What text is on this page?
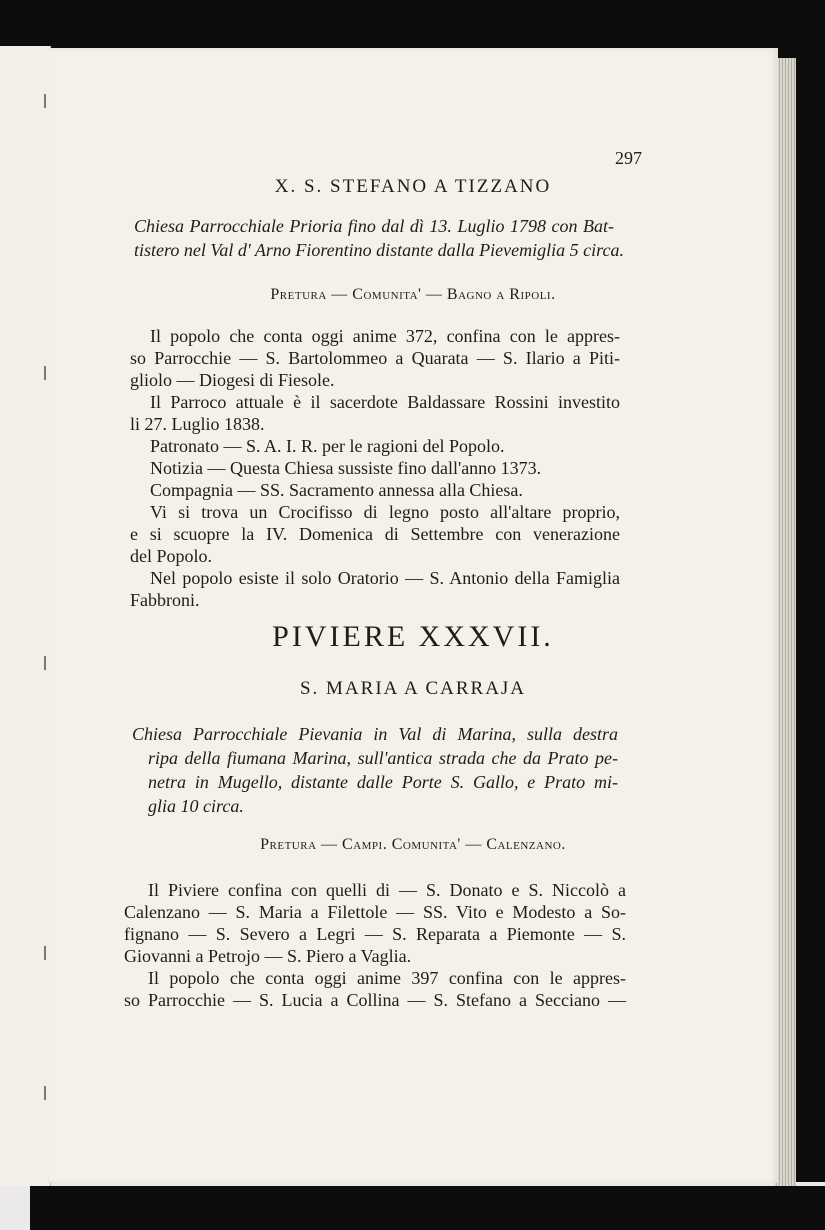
297
X. S. STEFANO A TIZZANO
Chiesa Parrocchiale Prioria fino dal dì 13. Luglio 1798 con Bat-
tistero nel Val d' Arno Fiorentino distante dalla Pievemiglia 5 circa.
Pretura — Comunita' — Bagno a Ripoli.
Il popolo che conta oggi anime 372, confina con le appres-
so Parrocchie — S. Bartolommeo a Quarata — S. Ilario a Piti-
gliolo — Diogesi di Fiesole.
Il Parroco attuale è il sacerdote Baldassare Rossini investito
li 27. Luglio 1838.
Patronato — S. A. I. R. per le ragioni del Popolo.
Notizia — Questa Chiesa sussiste fino dall'anno 1373.
Compagnia — SS. Sacramento annessa alla Chiesa.
Vi si trova un Crocifisso di legno posto all'altare proprio,
e si scuopre la IV. Domenica di Settembre con venerazione
del Popolo.
Nel popolo esiste il solo Oratorio — S. Antonio della Famiglia
Fabbroni.
PIVIERE XXXVII.
S. MARIA A CARRAJA
Chiesa Parrocchiale Pievania in Val di Marina, sulla destra
ripa della fiumana Marina, sull'antica strada che da Prato pe-
netra in Mugello, distante dalle Porte S. Gallo, e Prato mi-
glia 10 circa.
Pretura — Campi. Comunita' — Calenzano.
Il Piviere confina con quelli di — S. Donato e S. Niccolò a
Calenzano — S. Maria a Filettole — SS. Vito e Modesto a So-
fignano — S. Severo a Legri — S. Reparata a Piemonte — S.
Giovanni a Petrojo — S. Piero a Vaglia.
Il popolo che conta oggi anime 397 confina con le appres-
so Parrocchie — S. Lucia a Collina — S. Stefano a Secciano —
